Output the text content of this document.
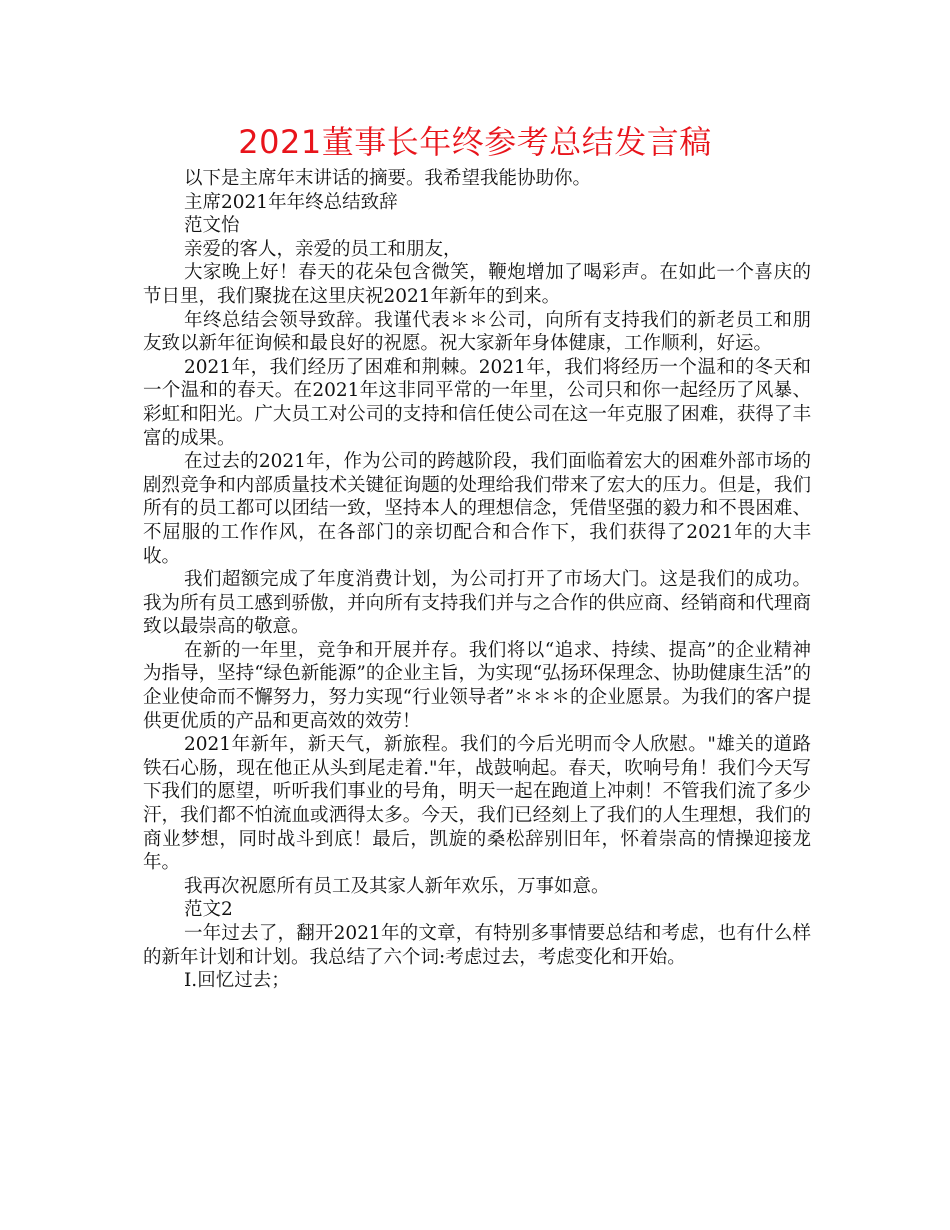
2021董事长年终参考总结发言稿

以下是主席年末讲话的摘要。我希望我能协助你。

主席2021年年终总结致辞

范文怡

亲爱的客人，亲爱的员工和朋友，

大家晚上好！春天的花朵包含微笑，鞭炮增加了喝彩声。在如此一个喜庆的节日里，我们聚拢在这里庆祝2021年新年的到来。

年终总结会领导致辞。我谨代表＊＊公司，向所有支持我们的新老员工和朋友致以新年征询候和最良好的祝愿。祝大家新年身体健康，工作顺利，好运。

2021年，我们经历了困难和荆棘。2021年，我们将经历一个温和的冬天和一个温和的春天。在2021年这非同平常的一年里，公司只和你一起经历了风暴、彩虹和阳光。广大员工对公司的支持和信任使公司在这一年克服了困难，获得了丰富的成果。

在过去的2021年，作为公司的跨越阶段，我们面临着宏大的困难外部市场的剧烈竞争和内部质量技术关键征询题的处理给我们带来了宏大的压力。但是，我们所有的员工都可以团结一致，坚持本人的理想信念，凭借坚强的毅力和不畏困难、不屈服的工作作风，在各部门的亲切配合和合作下，我们获得了2021年的大丰收。

我们超额完成了年度消费计划，为公司打开了市场大门。这是我们的成功。我为所有员工感到骄傲，并向所有支持我们并与之合作的供应商、经销商和代理商致以最崇高的敬意。

在新的一年里，竞争和开展并存。我们将以“追求、持续、提高”的企业精神为指导，坚持“绿色新能源”的企业主旨，为实现“弘扬环保理念、协助健康生活”的企业使命而不懈努力，努力实现“行业领导者”＊＊＊的企业愿景。为我们的客户提供更优质的产品和更高效的效劳！

2021年新年，新天气，新旅程。我们的今后光明而令人欣慰。"雄关的道路铁石心肠，现在他正从头到尾走着."年，战鼓响起。春天，吹响号角！我们今天写下我们的愿望，听听我们事业的号角，明天一起在跑道上冲刺！不管我们流了多少汗，我们都不怕流血或洒得太多。今天，我们已经刻上了我们的人生理想，我们的商业梦想，同时战斗到底！最后，凯旋的桑松辞别旧年，怀着崇高的情操迎接龙年。

我再次祝愿所有员工及其家人新年欢乐，万事如意。

范文2

一年过去了，翻开2021年的文章，有特别多事情要总结和考虑，也有什么样的新年计划和计划。我总结了六个词:考虑过去，考虑变化和开始。

Ⅰ.回忆过去；
